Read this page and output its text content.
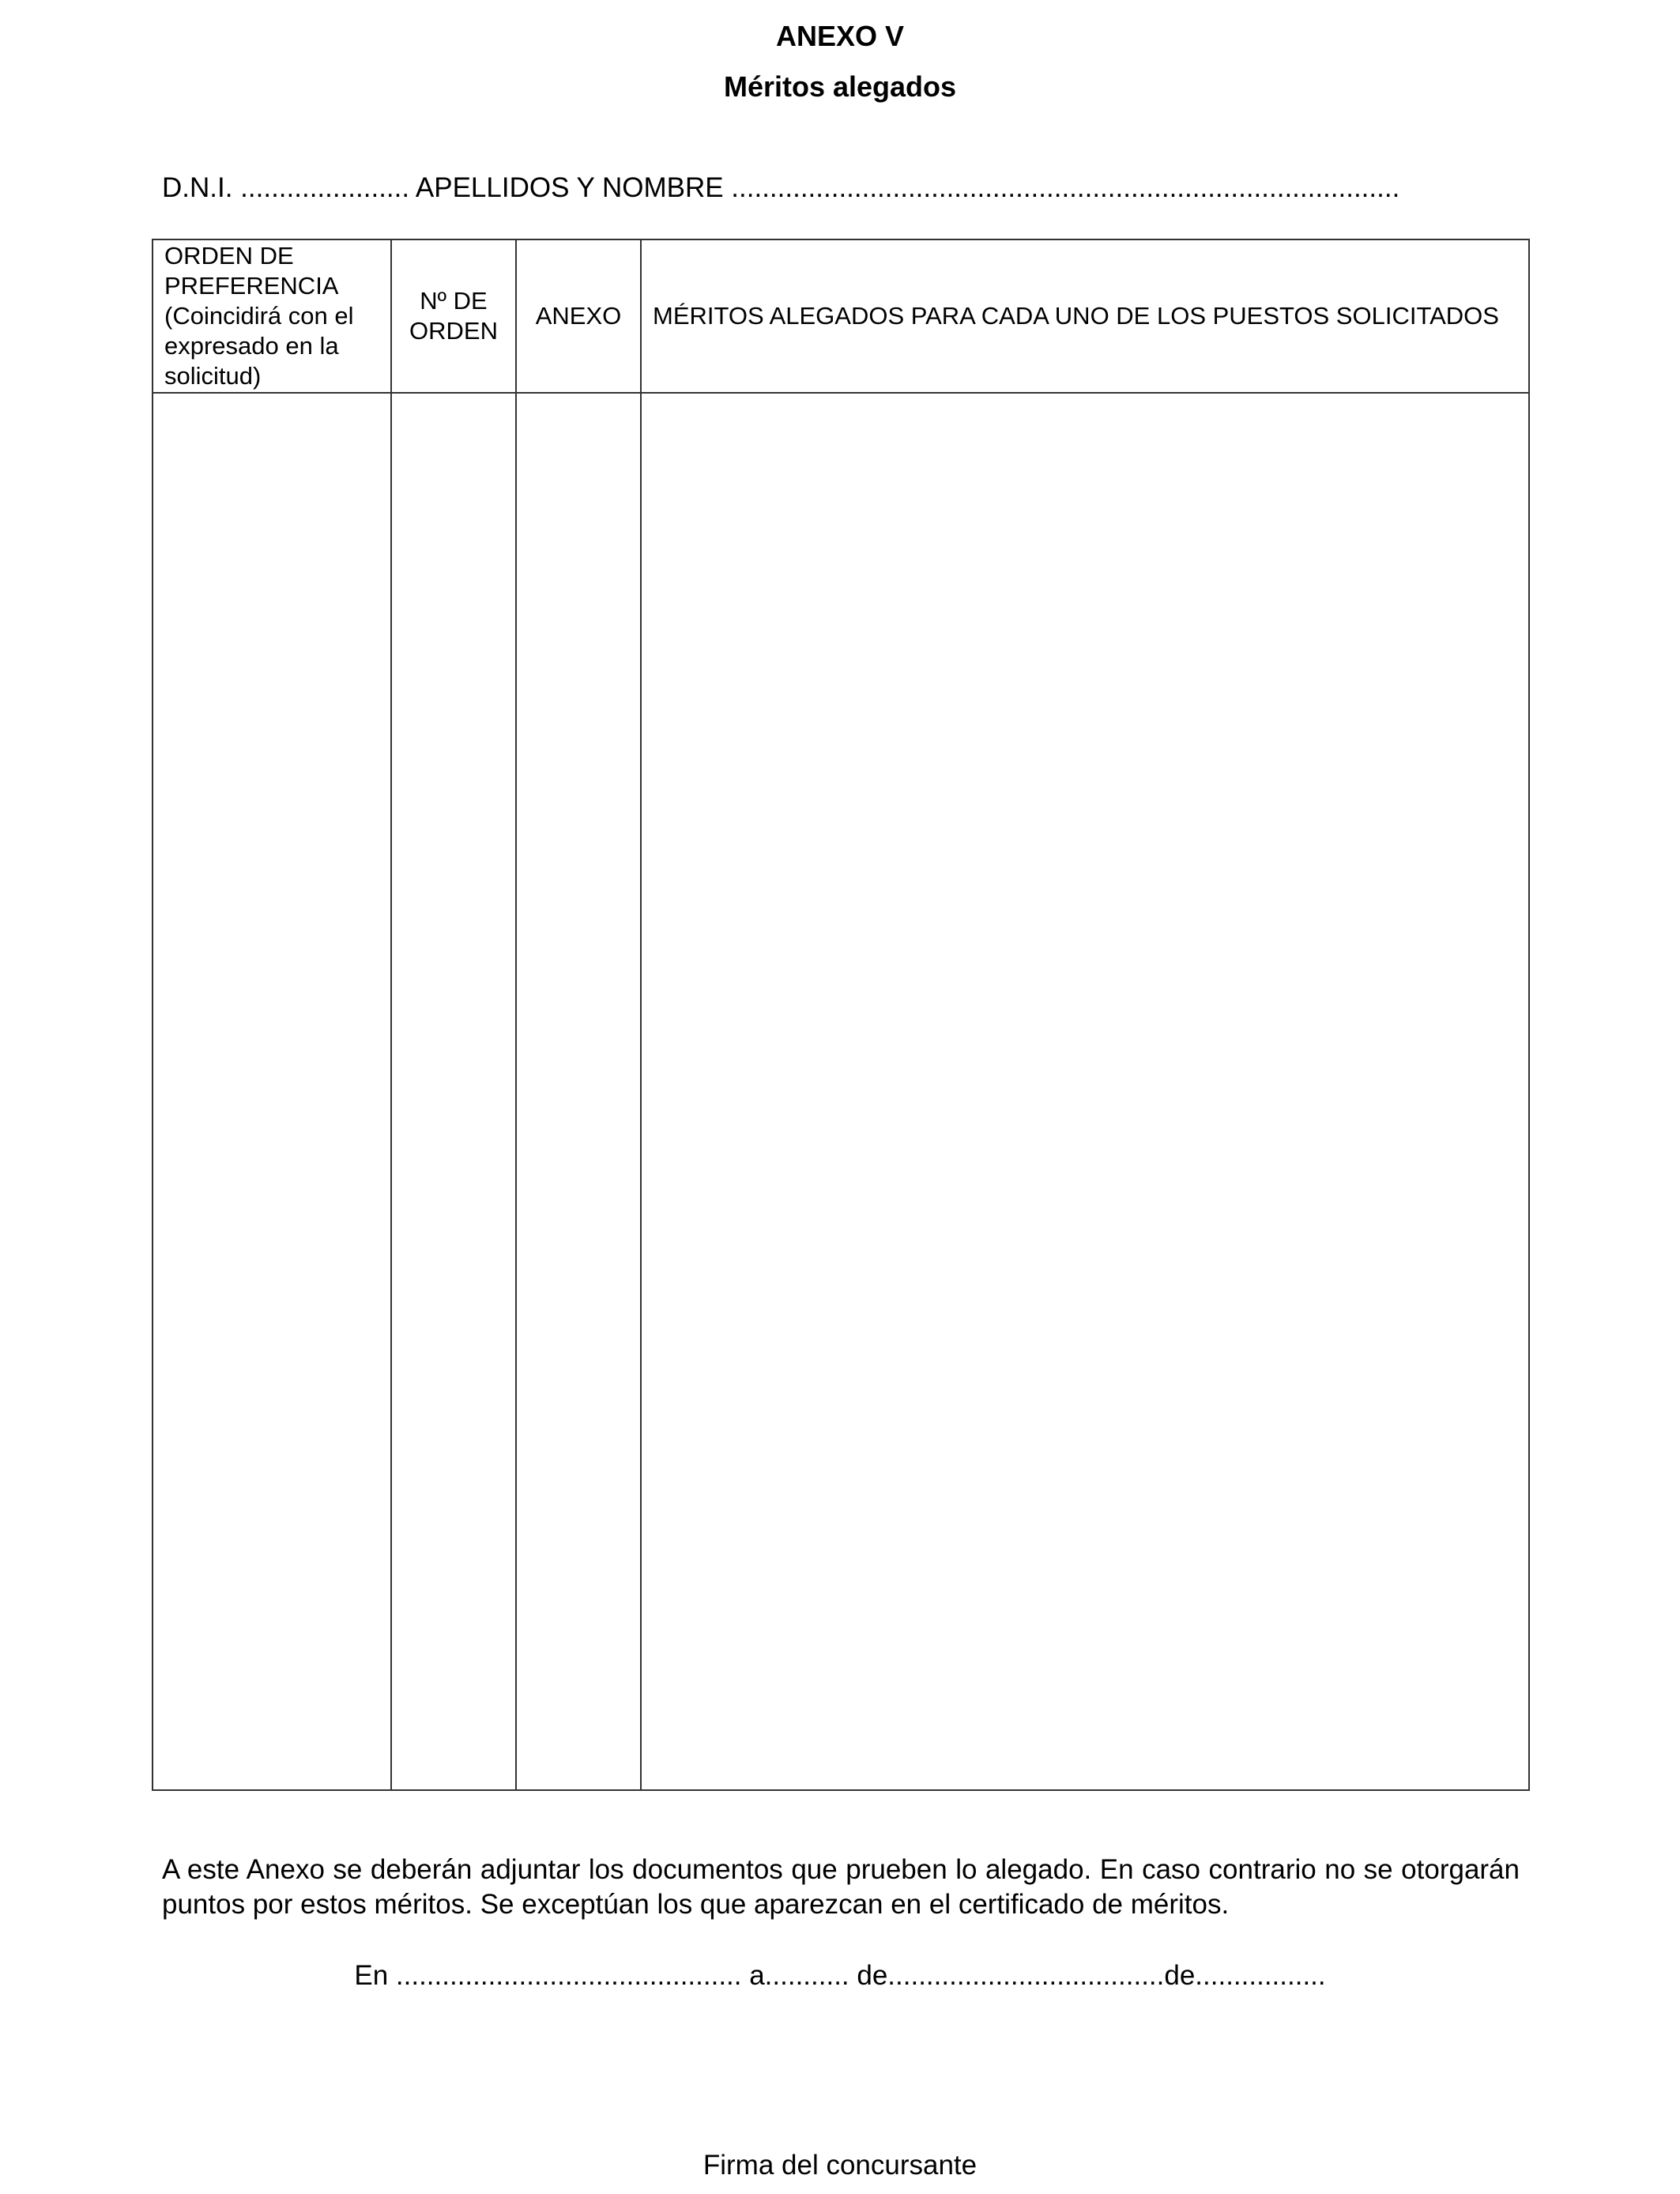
ANEXO V
Méritos alegados
D.N.I. ...................... APELLIDOS Y NOMBRE .......................................................................................
ORDEN DE PREFERENCIA (Coincidirá con el expresado en la solicitud)	Nº DE ORDEN	ANEXO	MÉRITOS ALEGADOS PARA CADA UNO DE LOS PUESTOS SOLICITADOS

A este Anexo se deberán adjuntar los documentos que prueben lo alegado. En caso contrario no se otorgarán puntos por estos méritos. Se exceptúan los que aparezcan en el certificado de méritos.
En ............................................. a........... de....................................de.................
Firma del concursante
